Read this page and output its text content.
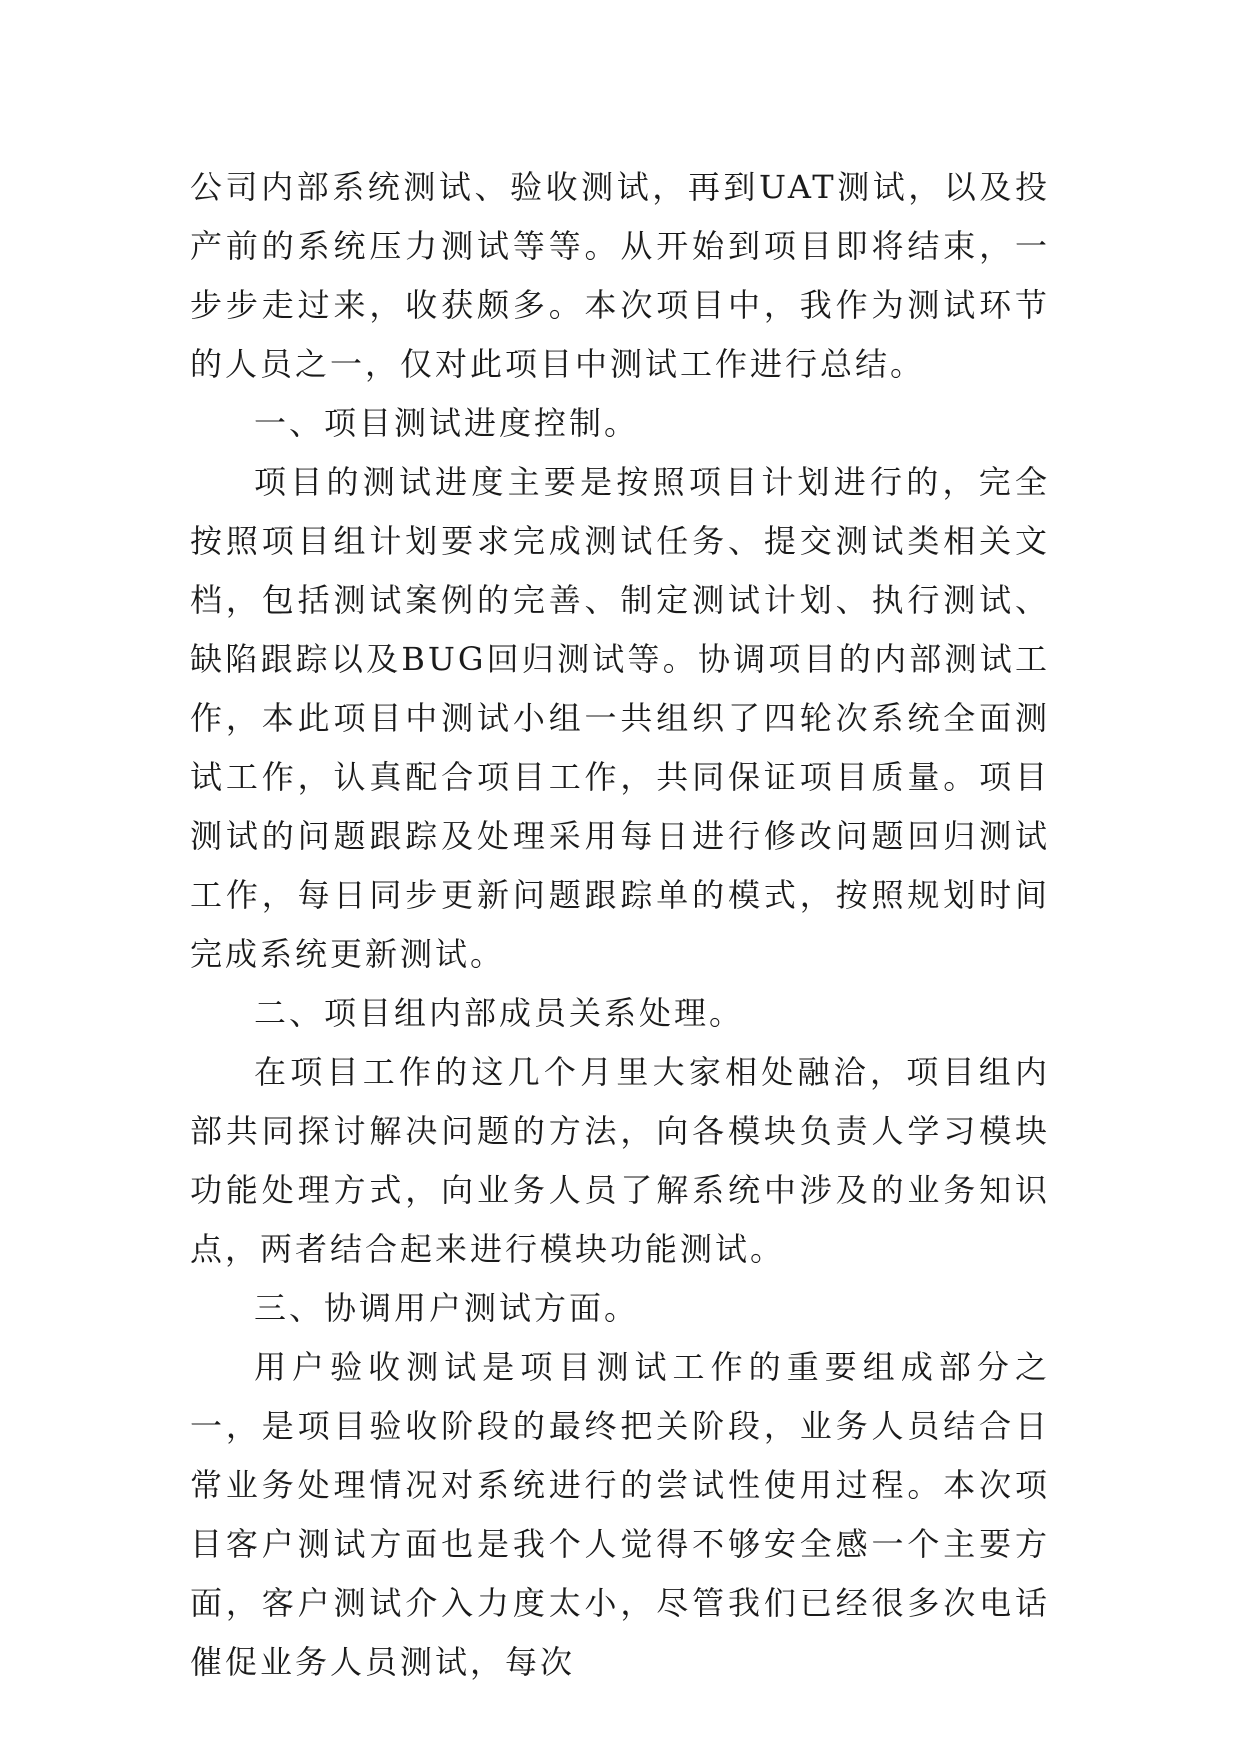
公司内部系统测试、验收测试，再到UAT测试，以及投产前的系统压力测试等等。从开始到项目即将结束，一步步走过来，收获颇多。本次项目中，我作为测试环节的人员之一，仅对此项目中测试工作进行总结。

一、项目测试进度控制。

项目的测试进度主要是按照项目计划进行的，完全按照项目组计划要求完成测试任务、提交测试类相关文档，包括测试案例的完善、制定测试计划、执行测试、缺陷跟踪以及BUG回归测试等。协调项目的内部测试工作，本此项目中测试小组一共组织了四轮次系统全面测试工作，认真配合项目工作，共同保证项目质量。项目测试的问题跟踪及处理采用每日进行修改问题回归测试工作，每日同步更新问题跟踪单的模式，按照规划时间完成系统更新测试。

二、项目组内部成员关系处理。

在项目工作的这几个月里大家相处融洽，项目组内部共同探讨解决问题的方法，向各模块负责人学习模块功能处理方式，向业务人员了解系统中涉及的业务知识点，两者结合起来进行模块功能测试。

三、协调用户测试方面。

用户验收测试是项目测试工作的重要组成部分之一，是项目验收阶段的最终把关阶段，业务人员结合日常业务处理情况对系统进行的尝试性使用过程。本次项目客户测试方面也是我个人觉得不够安全感一个主要方面，客户测试介入力度太小，尽管我们已经很多次电话催促业务人员测试，每次
